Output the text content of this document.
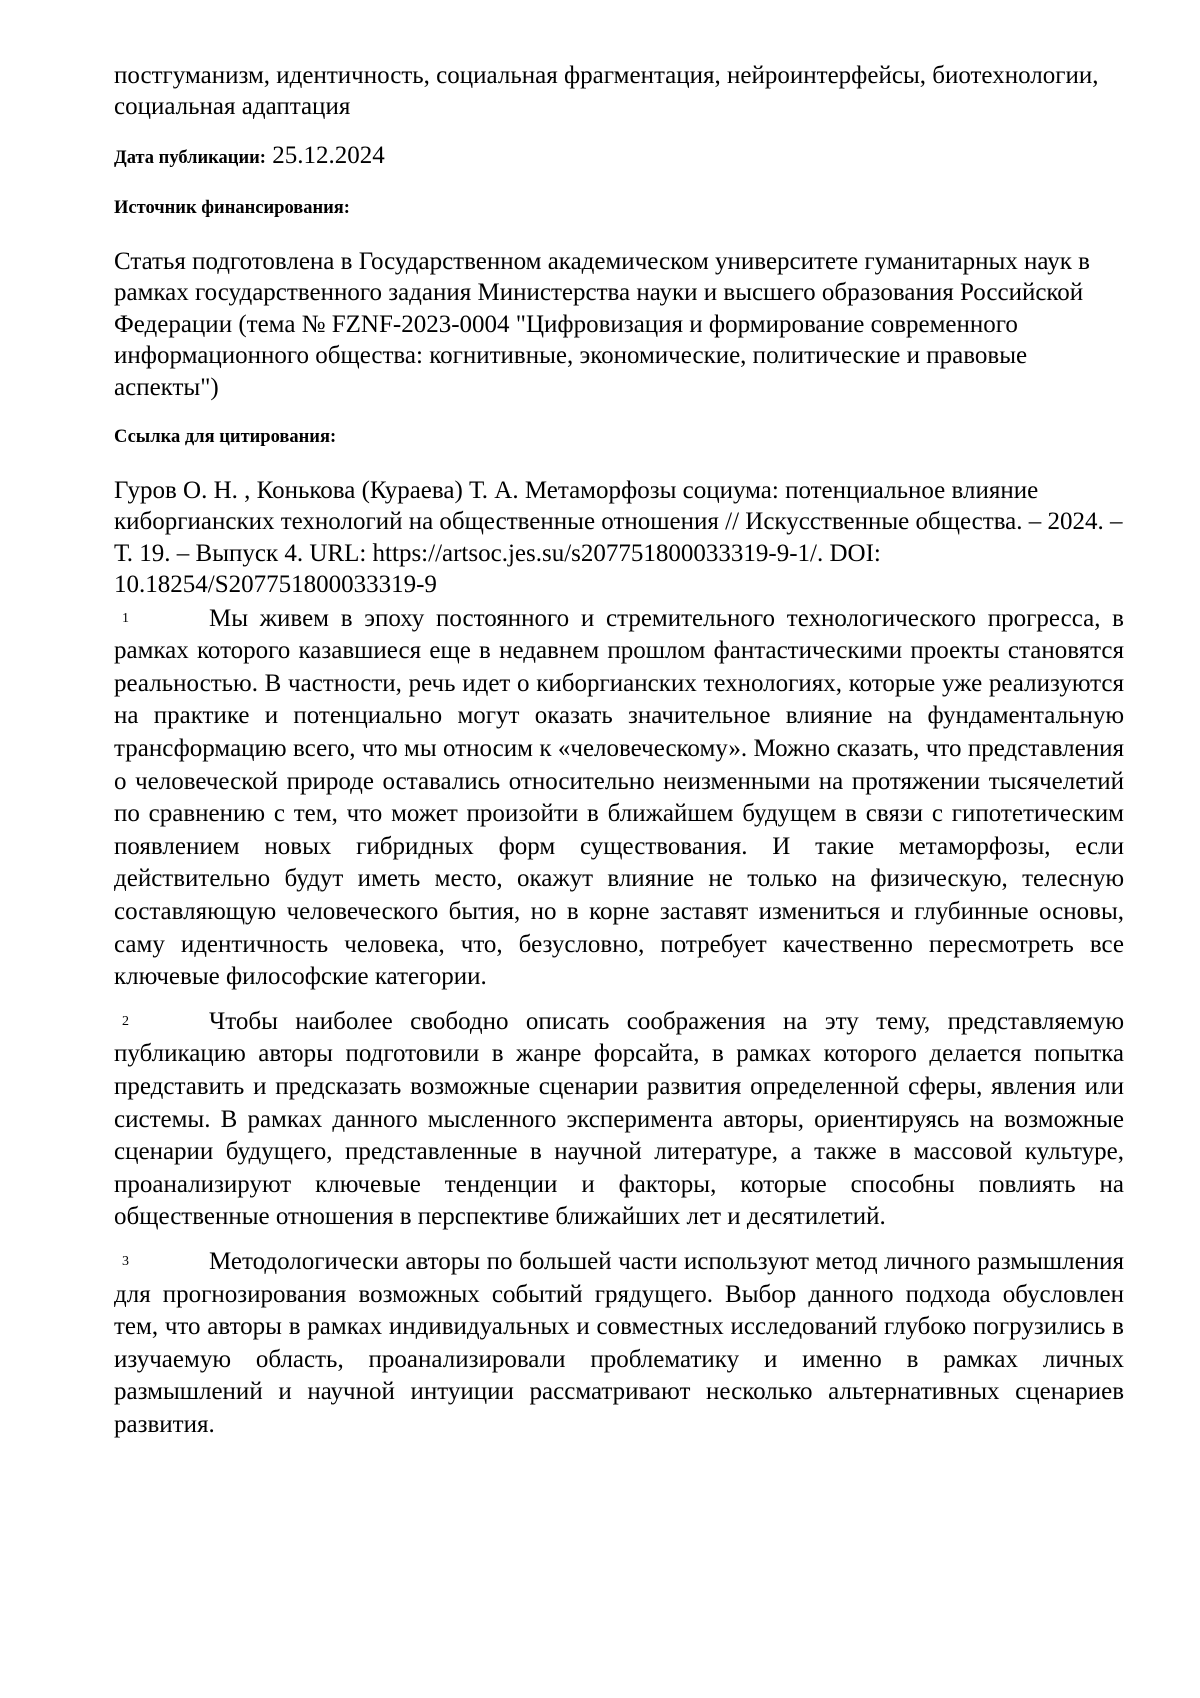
постгуманизм, идентичность, социальная фрагментация, нейроинтерфейсы, биотехнологии, социальная адаптация

Дата публикации: 25.12.2024

Источник финансирования:

Статья подготовлена в Государственном академическом университете гуманитарных наук в рамках государственного задания Министерства науки и высшего образования Российской Федерации (тема № FZNF-2023-0004 "Цифровизация и формирование современного информационного общества: когнитивные, экономические, политические и правовые аспекты")

Ссылка для цитирования:

Гуров О. Н. , Конькова (Кураева) Т. А. Метаморфозы социума: потенциальное влияние киборгианских технологий на общественные отношения // Искусственные общества. – 2024. – Т. 19. – Выпуск 4. URL: https://artsoc.jes.su/s207751800033319-9-1/. DOI: 10.18254/S207751800033319-9

1	Мы живем в эпоху постоянного и стремительного технологического прогресса, в рамках которого казавшиеся еще в недавнем прошлом фантастическими проекты становятся реальностью. В частности, речь идет о киборгианских технологиях, которые уже реализуются на практике и потенциально могут оказать значительное влияние на фундаментальную трансформацию всего, что мы относим к «человеческому». Можно сказать, что представления о человеческой природе оставались относительно неизменными на протяжении тысячелетий по сравнению с тем, что может произойти в ближайшем будущем в связи с гипотетическим появлением новых гибридных форм существования. И такие метаморфозы, если действительно будут иметь место, окажут влияние не только на физическую, телесную составляющую человеческого бытия, но в корне заставят измениться и глубинные основы, саму идентичность человека, что, безусловно, потребует качественно пересмотреть все ключевые философские категории.

2	Чтобы наиболее свободно описать соображения на эту тему, представляемую публикацию авторы подготовили в жанре форсайта, в рамках которого делается попытка представить и предсказать возможные сценарии развития определенной сферы, явления или системы. В рамках данного мысленного эксперимента авторы, ориентируясь на возможные сценарии будущего, представленные в научной литературе, а также в массовой культуре, проанализируют ключевые тенденции и факторы, которые способны повлиять на общественные отношения в перспективе ближайших лет и десятилетий.

3	Методологически авторы по большей части используют метод личного размышления для прогнозирования возможных событий грядущего. Выбор данного подхода обусловлен тем, что авторы в рамках индивидуальных и совместных исследований глубоко погрузились в изучаемую область, проанализировали проблематику и именно в рамках личных размышлений и научной интуиции рассматривают несколько альтернативных сценариев развития.
